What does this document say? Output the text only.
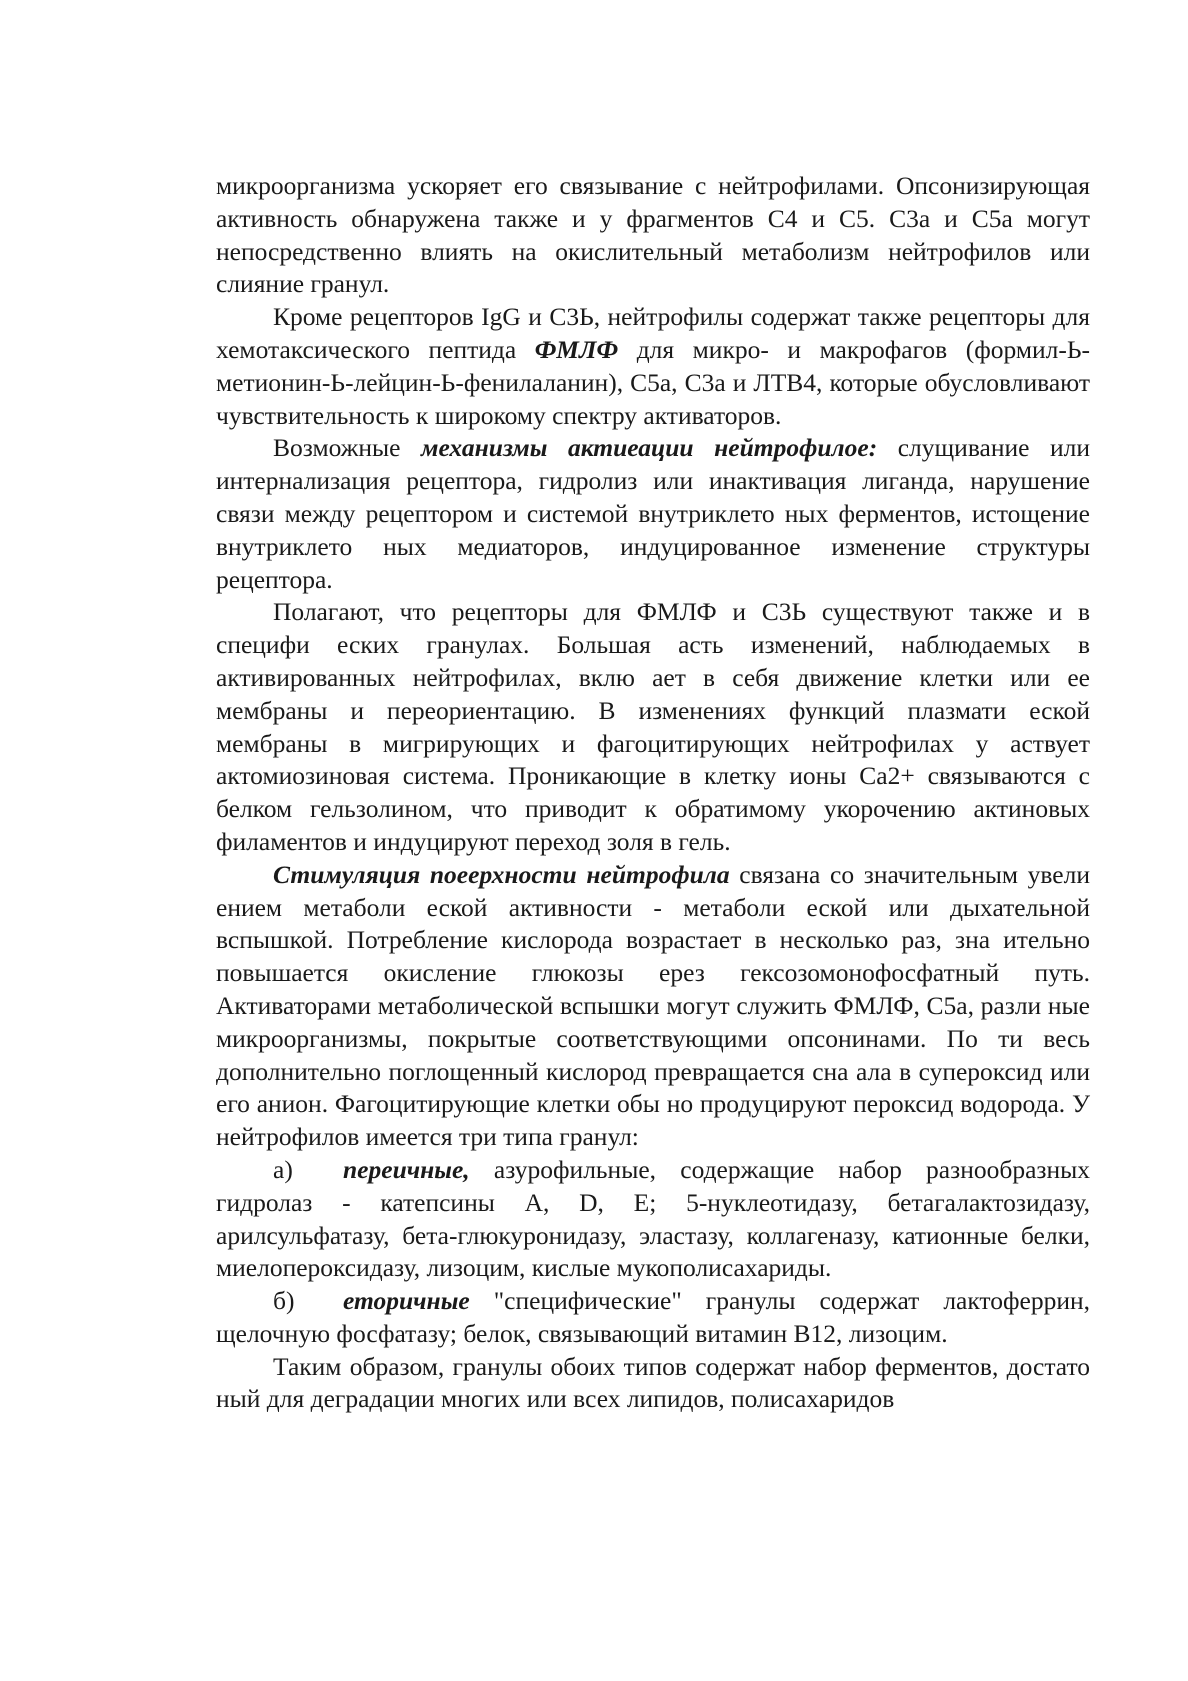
микроорганизма ускоряет его связывание с нейтрофилами. Опсонизирующая активность обнаружена также и у фрагментов С4 и С5. С3а и С5а могут непосредственно влиять на окислительный метаболизм нейтрофилов или слияние гранул.

Кроме рецепторов IgG и С3Ь, нейтрофилы содержат также рецепторы для хемотаксического пептида ФМЛФ для микро- и макрофагов (формил-Ь-метионин-Ь-лейцин-Ь-фенилаланин), С5а, С3а и ЛТВ4, которые обусловливают чувствительность к широкому спектру активаторов.

Возможные механизмы актиеации нейтрофилое: слущивание или интернализация рецептора, гидролиз или инактивация лиганда, нарушение связи между рецептором и системой внутриклето ных ферментов, истощение внутриклето ных медиаторов, индуцированное изменение структуры рецептора.

Полагают, что рецепторы для ФМЛФ и С3Ь существуют также и в специфи еских гранулах. Большая асть изменений, наблюдаемых в активированных нейтрофилах, вклю ает в себя движение клетки или ее мембраны и переориентацию. В изменениях функций плазмати еской мембраны в мигрирующих и фагоцитирующих нейтрофилах у аствует актомиозиновая система. Проникающие в клетку ионы Са2+ связываются с белком гельзолином, что приводит к обратимому укорочению актиновых филаментов и индуцируют переход золя в гель.

Стимуляция поеерхности нейтрофила связана со значительным увели ением метаболи еской активности - метаболи еской или дыхательной вспышкой. Потребление кислорода возрастает в несколько раз, зна ительно повышается окисление глюкозы ерез гексозомонофосфатный путь. Активаторами метаболической вспышки могут служить ФМЛФ, С5а, разли ные микроорганизмы, покрытые соответствующими опсонинами. По ти весь дополнительно поглощенный кислород превращается сна ала в супероксид или его анион. Фагоцитирующие клетки обы но продуцируют пероксид водорода. У нейтрофилов имеется три типа гранул:

а) переичные, азурофильные, содержащие набор разнообразных гидролаз - катепсины А, D, Е; 5-нуклеотидазу, бетагалактозидазу, арилсульфатазу, бета-глюкуронидазу, эластазу, коллагеназу, катионные белки, миелопероксидазу, лизоцим, кислые мукополисахариды.

б) еторичные "специфические" гранулы содержат лактоферрин, щелочную фосфатазу; белок, связывающий витамин В12, лизоцим.

Таким образом, гранулы обоих типов содержат набор ферментов, достато ный для деградации многих или всех липидов, полисахаридов
